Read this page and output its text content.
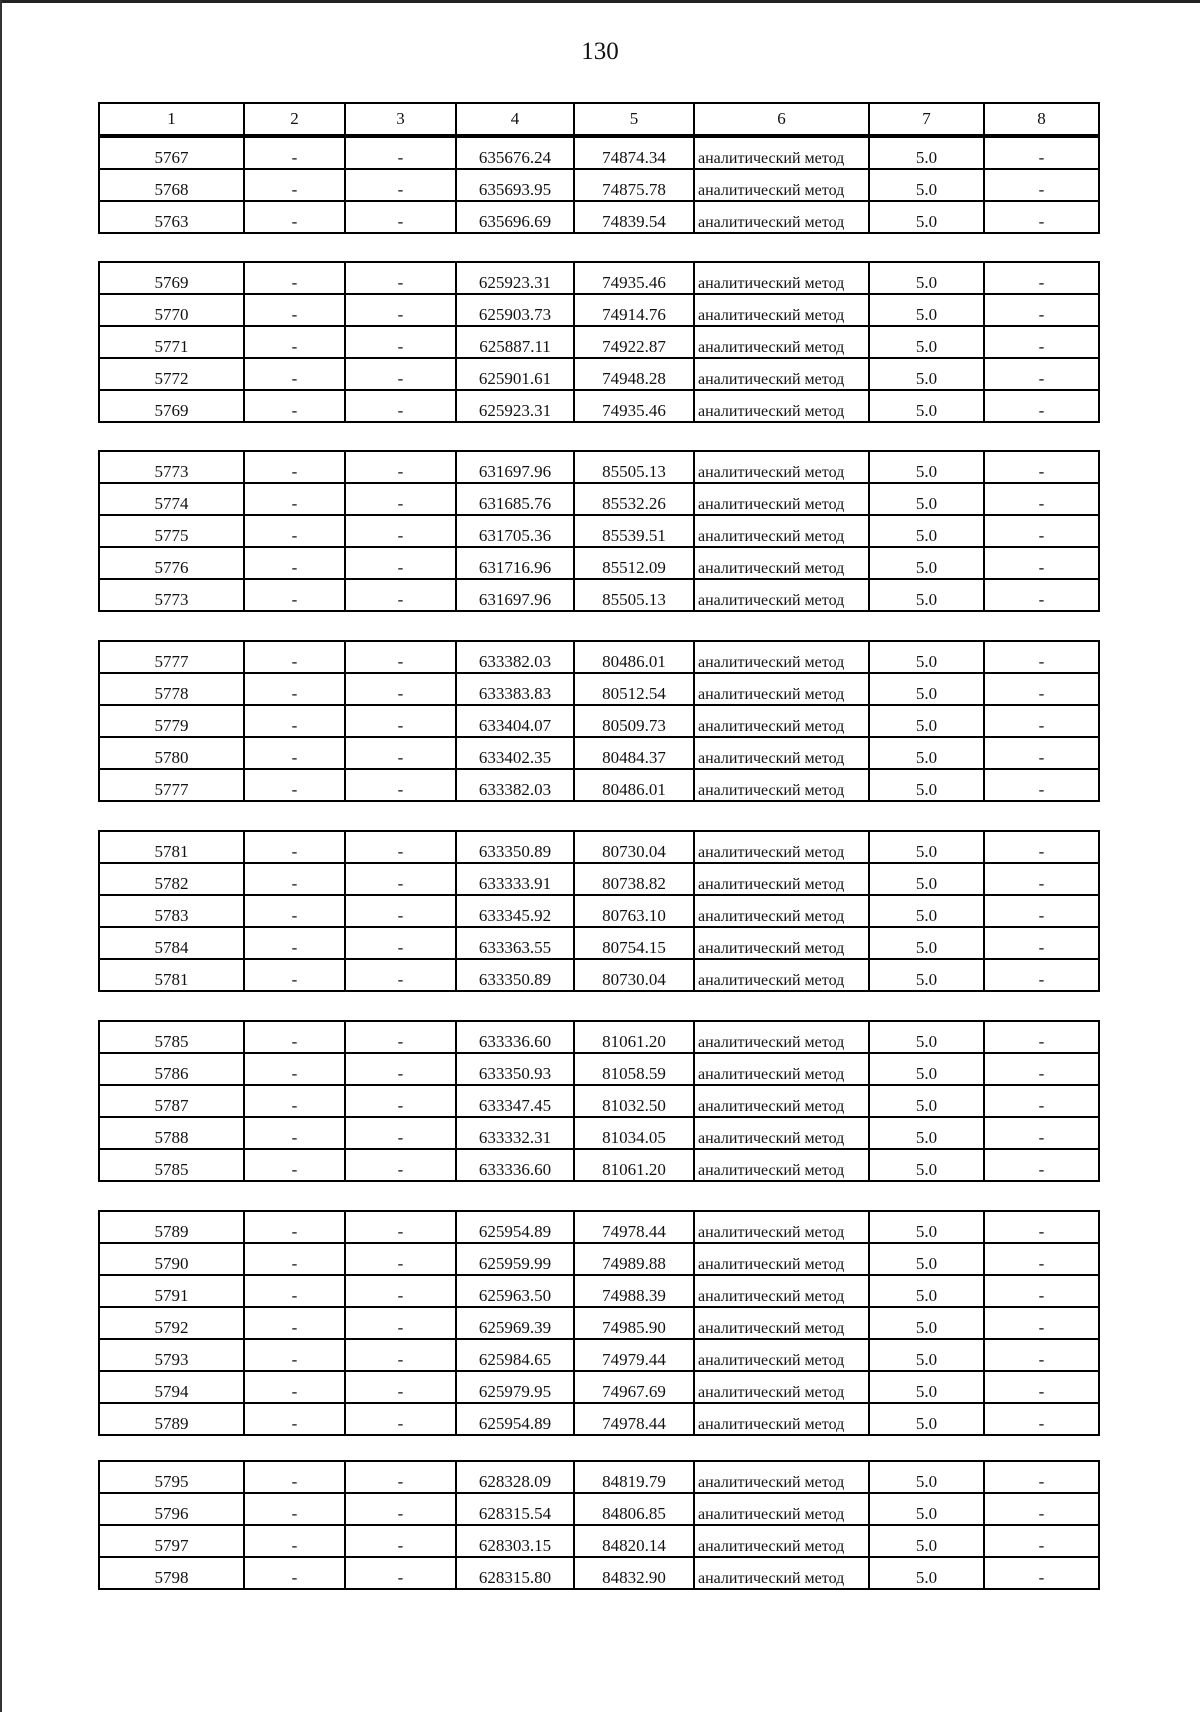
130
1	2	3	4	5	6	7	8
5767	-	-	635676.24	74874.34	аналитический метод	5.0	-
5768	-	-	635693.95	74875.78	аналитический метод	5.0	-
5763	-	-	635696.69	74839.54	аналитический метод	5.0	-
5769	-	-	625923.31	74935.46	аналитический метод	5.0	-
5770	-	-	625903.73	74914.76	аналитический метод	5.0	-
5771	-	-	625887.11	74922.87	аналитический метод	5.0	-
5772	-	-	625901.61	74948.28	аналитический метод	5.0	-
5769	-	-	625923.31	74935.46	аналитический метод	5.0	-
5773	-	-	631697.96	85505.13	аналитический метод	5.0	-
5774	-	-	631685.76	85532.26	аналитический метод	5.0	-
5775	-	-	631705.36	85539.51	аналитический метод	5.0	-
5776	-	-	631716.96	85512.09	аналитический метод	5.0	-
5773	-	-	631697.96	85505.13	аналитический метод	5.0	-
5777	-	-	633382.03	80486.01	аналитический метод	5.0	-
5778	-	-	633383.83	80512.54	аналитический метод	5.0	-
5779	-	-	633404.07	80509.73	аналитический метод	5.0	-
5780	-	-	633402.35	80484.37	аналитический метод	5.0	-
5777	-	-	633382.03	80486.01	аналитический метод	5.0	-
5781	-	-	633350.89	80730.04	аналитический метод	5.0	-
5782	-	-	633333.91	80738.82	аналитический метод	5.0	-
5783	-	-	633345.92	80763.10	аналитический метод	5.0	-
5784	-	-	633363.55	80754.15	аналитический метод	5.0	-
5781	-	-	633350.89	80730.04	аналитический метод	5.0	-
5785	-	-	633336.60	81061.20	аналитический метод	5.0	-
5786	-	-	633350.93	81058.59	аналитический метод	5.0	-
5787	-	-	633347.45	81032.50	аналитический метод	5.0	-
5788	-	-	633332.31	81034.05	аналитический метод	5.0	-
5785	-	-	633336.60	81061.20	аналитический метод	5.0	-
5789	-	-	625954.89	74978.44	аналитический метод	5.0	-
5790	-	-	625959.99	74989.88	аналитический метод	5.0	-
5791	-	-	625963.50	74988.39	аналитический метод	5.0	-
5792	-	-	625969.39	74985.90	аналитический метод	5.0	-
5793	-	-	625984.65	74979.44	аналитический метод	5.0	-
5794	-	-	625979.95	74967.69	аналитический метод	5.0	-
5789	-	-	625954.89	74978.44	аналитический метод	5.0	-
5795	-	-	628328.09	84819.79	аналитический метод	5.0	-
5796	-	-	628315.54	84806.85	аналитический метод	5.0	-
5797	-	-	628303.15	84820.14	аналитический метод	5.0	-
5798	-	-	628315.80	84832.90	аналитический метод	5.0	-
